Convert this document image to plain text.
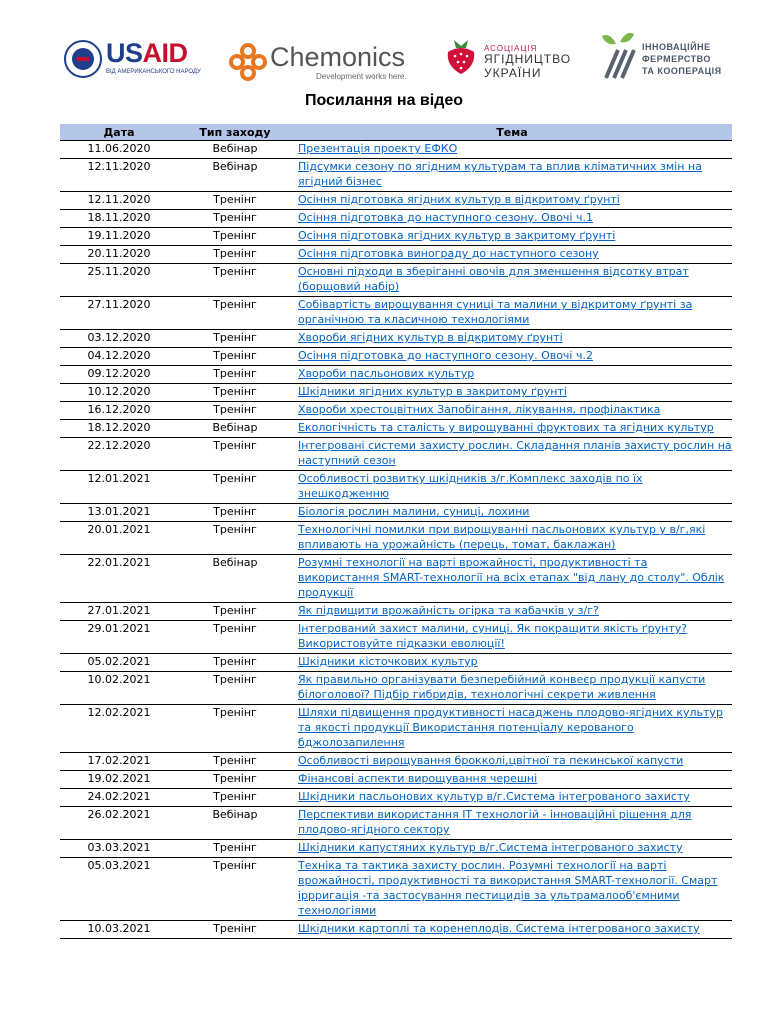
USAID
ВІД АМЕРИКАНСЬКОГО НАРОДУ	Chemonics
Development works here.
АСОЦІАЦІЯ
ЯГІДНИЦТВО
УКРАЇНИ
ІННОВАЦІЙНЕ
ФЕРМЕРСТВО
ТА КООПЕРАЦІЯ
Посилання на відео
Дата	Тип заходу	Тема
11.06.2020	Вебінар	Презентація проекту ЕФКО

12.11.2020	Вебінар	Підсумки сезону по ягідним культурам та вплив кліматичних змін на ягідний бізнес

12.11.2020	Тренінг	Осіння підготовка ягідних культур в відкритому ґрунті

18.11.2020	Тренінг	Осіння підготовка до наступного сезону. Овочі ч.1

19.11.2020	Тренінг	Осіння підготовка ягідних культур в закритому ґрунті

20.11.2020	Тренінг	Осіння підготовка винограду до наступного сезону

25.11.2020	Тренінг	Основні підходи в зберіганні овочів для зменшення відсотку втрат (борщовий набір)

27.11.2020	Тренінг	Собівартість вирощування суниці та малини у відкритому ґрунті за органічною та класичною технологіями

03.12.2020	Тренінг	Хвороби ягідних культур в відкритому ґрунті

04.12.2020	Тренінг	Осіння підготовка до наступного сезону. Овочі ч.2

09.12.2020	Тренінг	Хвороби пасльонових культур

10.12.2020	Тренінг	Шкідники ягідних культур в закритому ґрунті

16.12.2020	Тренінг	Хвороби хрестоцвітних Запобігання, лікування, профілактика

18.12.2020	Вебінар	Екологічність та сталість у вирощуванні фруктових та ягідних культур

22.12.2020	Тренінг	Інтегровані системи захисту рослин. Складання планів захисту рослин на наступний сезон

12.01.2021	Тренінг	Особливості розвитку шкідників з/г.Комплекс заходів по їх знешкодженню

13.01.2021	Тренінг	Біологія рослин малини, суниці, лохини

20.01.2021	Тренінг	Технологічні помилки при вирощуванні пасльонових культур у в/г,які впливають на урожайність (перець, томат, баклажан)

22.01.2021	Вебінар	Розумні технології на варті врожайності, продуктивності та використання SMART-технології на всіх етапах "від лану до столу". Облік продукції

27.01.2021	Тренінг	Як підвищити врожайність огірка та кабачків у з/г?

29.01.2021	Тренінг	Інтегрований захист малини, суниці. Як покращити якість ґрунту? Використовуйте підказки еволюції!

05.02.2021	Тренінг	Шкідники кісточкових культур

10.02.2021	Тренінг	Як правильно організувати безперебійний конвеєр продукції капусти білоголової? Підбір гибридів, технологічні секрети живлення

12.02.2021	Тренінг	Шляхи підвищення продуктивності насаджень плодово-ягідних культур та якості продукції Використання потенціалу керованого бджолозапилення

17.02.2021	Тренінг	Особливості вирощування брокколі,цвітної та пекинської капусти

19.02.2021	Тренінг	Фінансові аспекти вирощування черешні

24.02.2021	Тренінг	Шкідники пасльонових культур в/г.Система інтегрованого захисту

26.02.2021	Вебінар	Перспективи використання IT технологій - інноваційні рішення для плодово-ягідного сектору

03.03.2021	Тренінг	Шкідники капустяних культур в/г.Система інтегрованого захисту

05.03.2021	Тренінг	Техніка та тактика захисту рослин. Розумні технології на варті врожайності, продуктивності та використання SMART-технології. Смарт іррригація -та застосування пестицидів за ультрамалооб'ємними технологіями

10.03.2021	Тренінг	Шкідники картоплі та коренеплодів. Система інтегрованого захисту
